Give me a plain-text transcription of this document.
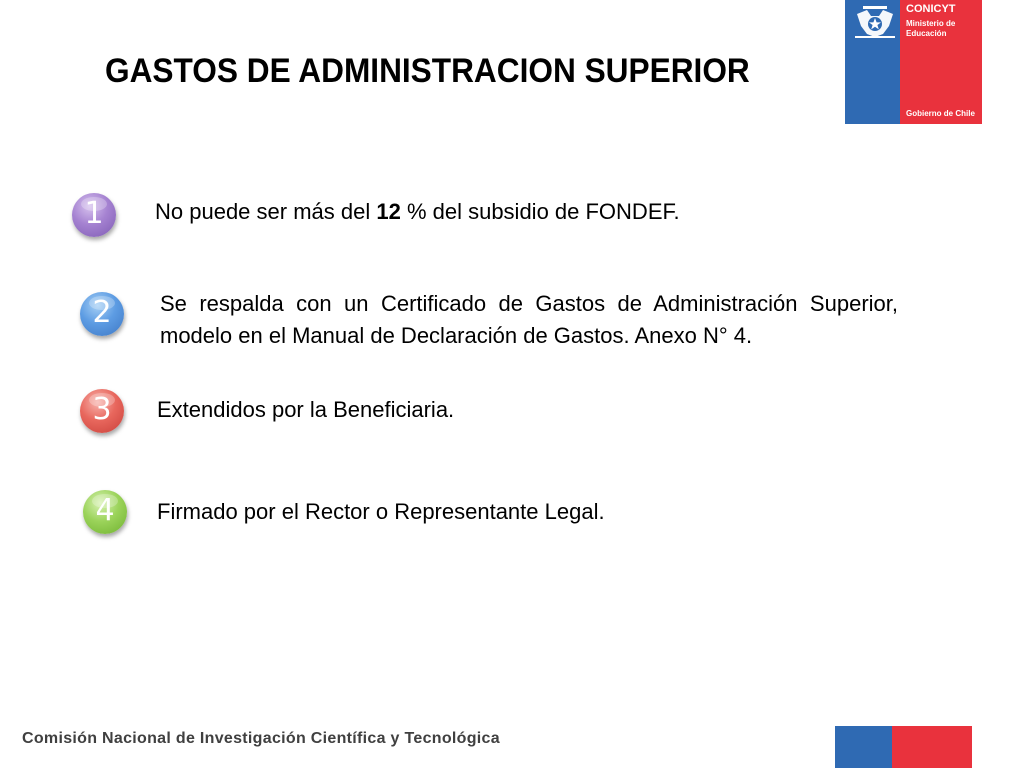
GASTOS DE ADMINISTRACION SUPERIOR
CONICYT
Ministerio de
Educación
Gobierno de Chile
1	No puede ser más del 12 % del subsidio de FONDEF.
2	Se respalda con un Certificado de Gastos de Administración Superior, modelo en el Manual de Declaración de Gastos. Anexo N° 4.
3	Extendidos por la Beneficiaria.
4	Firmado por el Rector o Representante Legal.
Comisión Nacional de Investigación Científica y Tecnológica
